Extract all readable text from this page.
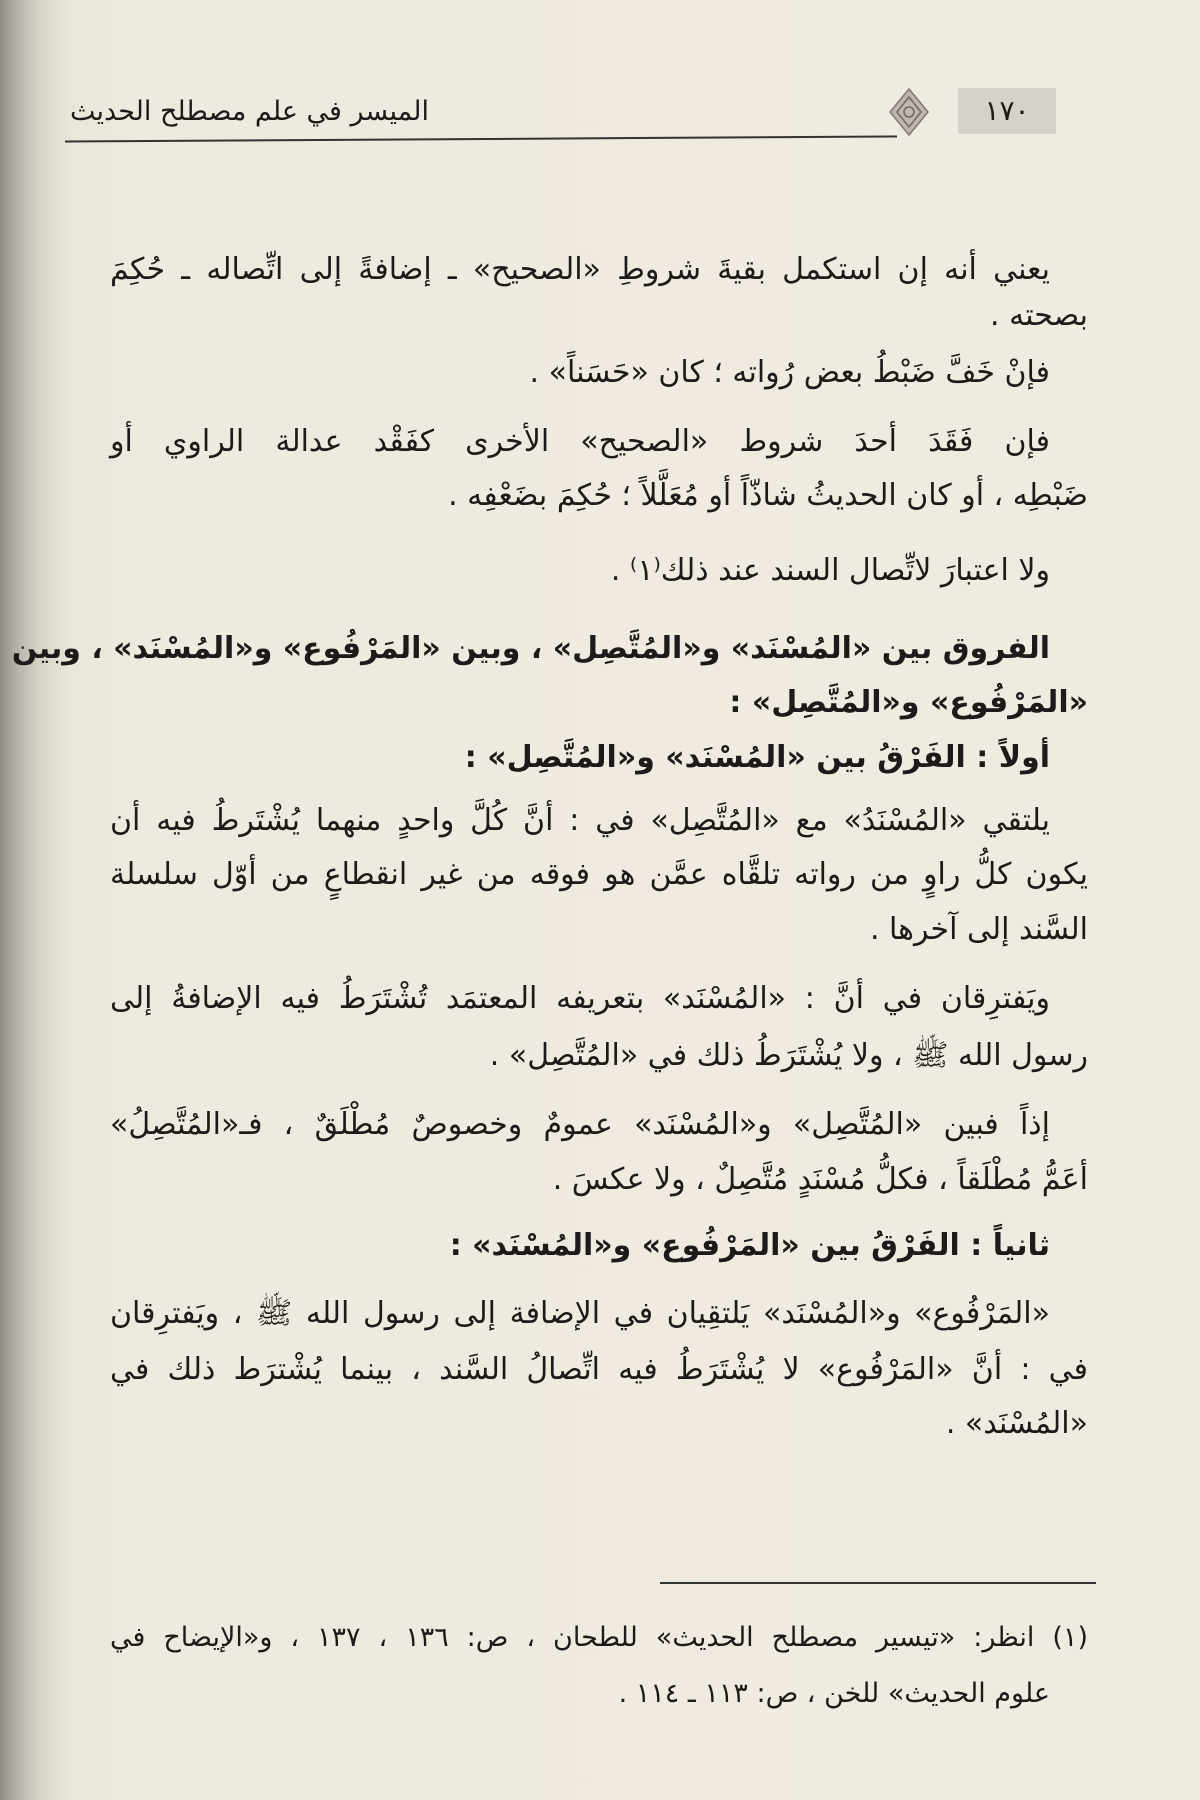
١٧٠
الميسر في علم مصطلح الحديث
يعني أنه إن استكمل بقيةَ شروطِ «الصحيح» ـ إضافةً إلى اتِّصاله ـ حُكِمَ
بصحته .
فإنْ خَفَّ ضَبْطُ بعض رُواته ؛ كان «حَسَناً» .
فإن فَقَدَ أحدَ شروط «الصحيح» الأخرى كفَقْد عدالة الراوي أو
ضَبْطِه ، أو كان الحديثُ شاذّاً أو مُعَلَّلاً ؛ حُكِمَ بضَعْفِه .
ولا اعتبارَ لاتِّصال السند عند ذلك⁽١⁾ .
الفروق بين «المُسْنَد» و«المُتَّصِل» ، وبين «المَرْفُوع» و«المُسْنَد» ، وبين
«المَرْفُوع» و«المُتَّصِل» :
أولاً : الفَرْقُ بين «المُسْنَد» و«المُتَّصِل» :
يلتقي «المُسْنَدُ» مع «المُتَّصِل» في : أنَّ كُلَّ واحدٍ منهما يُشْتَرطُ فيه أن
يكون كلُّ راوٍ من رواته تلقَّاه عمَّن هو فوقه من غير انقطاعٍ من أوّل سلسلة
السَّند إلى آخرها .
ويَفترِقان في أنَّ : «المُسْنَد» بتعريفه المعتمَد تُشْتَرَطُ فيه الإضافةُ إلى
رسول الله ﷺ ، ولا يُشْتَرَطُ ذلك في «المُتَّصِل» .
إذاً فبين «المُتَّصِل» و«المُسْنَد» عمومٌ وخصوصٌ مُطْلَقٌ ، فـ«المُتَّصِلُ»
أعَمُّ مُطْلَقاً ، فكلُّ مُسْنَدٍ مُتَّصِلٌ ، ولا عكسَ .
ثانياً : الفَرْقُ بين «المَرْفُوع» و«المُسْنَد» :
«المَرْفُوع» و«المُسْنَد» يَلتقِيان في الإضافة إلى رسول الله ﷺ ، ويَفترِقان
في : أنَّ «المَرْفُوع» لا يُشْتَرَطُ فيه اتِّصالُ السَّند ، بينما يُشْترَط ذلك في
«المُسْنَد» .
(١) انظر: «تيسير مصطلح الحديث» للطحان ، ص: ١٣٦ ، ١٣٧ ، و«الإيضاح في
علوم الحديث» للخن ، ص: ١١٣ ـ ١١٤ .
